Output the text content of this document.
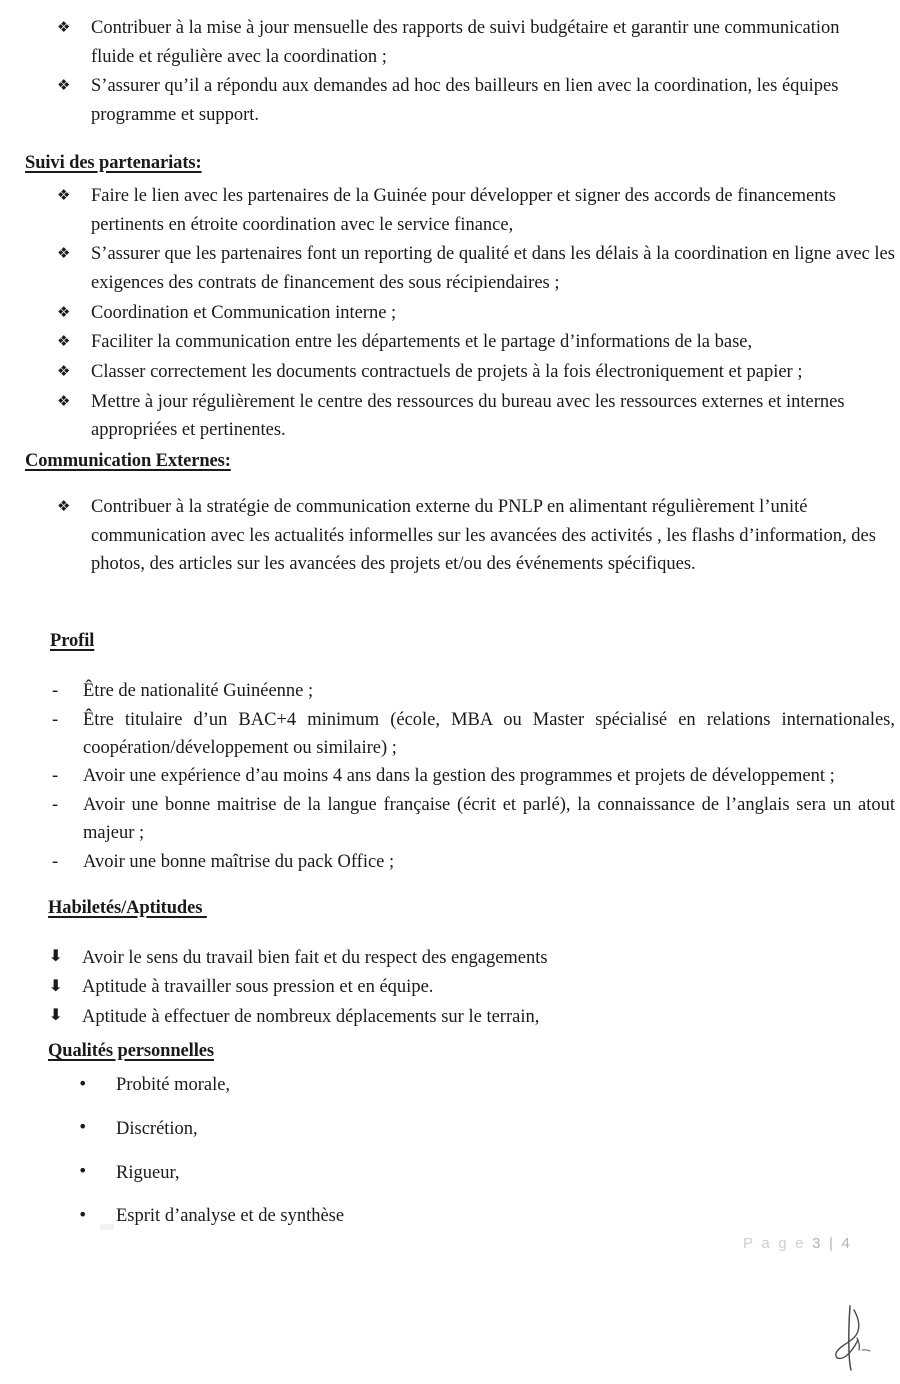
❖ Contribuer à la mise à jour mensuelle des rapports de suivi budgétaire et garantir une communication fluide et régulière avec la coordination ;
❖ S’assurer qu’il a répondu aux demandes ad hoc des bailleurs en lien avec la coordination, les équipes programme et support.
Suivi des partenariats:
❖ Faire le lien avec les partenaires de la Guinée pour développer et signer des accords de financements pertinents en étroite coordination avec le service finance,
❖ S’assurer que les partenaires font un reporting de qualité et dans les délais à la coordination en ligne avec les exigences des contrats de financement des sous récipiendaires ;
❖ Coordination et Communication interne ;
❖ Faciliter la communication entre les départements et le partage d’informations de la base,
❖ Classer correctement les documents contractuels de projets à la fois électroniquement et papier ;
❖ Mettre à jour régulièrement le centre des ressources du bureau avec les ressources externes et internes appropriées et pertinentes.
Communication Externes:
❖ Contribuer à la stratégie de communication externe du PNLP en alimentant régulièrement l’unité communication avec les actualités informelles sur les avancées des activités , les flashs d’information, des photos, des articles sur les avancées des projets et/ou des événements spécifiques.
Profil
- Être de nationalité Guinéenne ;
- Être titulaire d’un BAC+4 minimum (école, MBA ou Master spécialisé en relations internationales, coopération/développement ou similaire) ;
- Avoir une expérience d’au moins 4 ans dans la gestion des programmes et projets de développement ;
- Avoir une bonne maitrise de la langue française (écrit et parlé), la connaissance de l’anglais sera un atout majeur ;
- Avoir une bonne maîtrise du pack Office ;
Habiletés/Aptitudes
⬇ Avoir le sens du travail bien fait et du respect des engagements
⬇ Aptitude à travailler sous pression et en équipe.
⬇ Aptitude à effectuer de nombreux déplacements sur le terrain,
Qualités personnelles
• Probité morale,
• Discrétion,
• Rigueur,
• Esprit d’analyse et de synthèse

P a g e 3 | 4
